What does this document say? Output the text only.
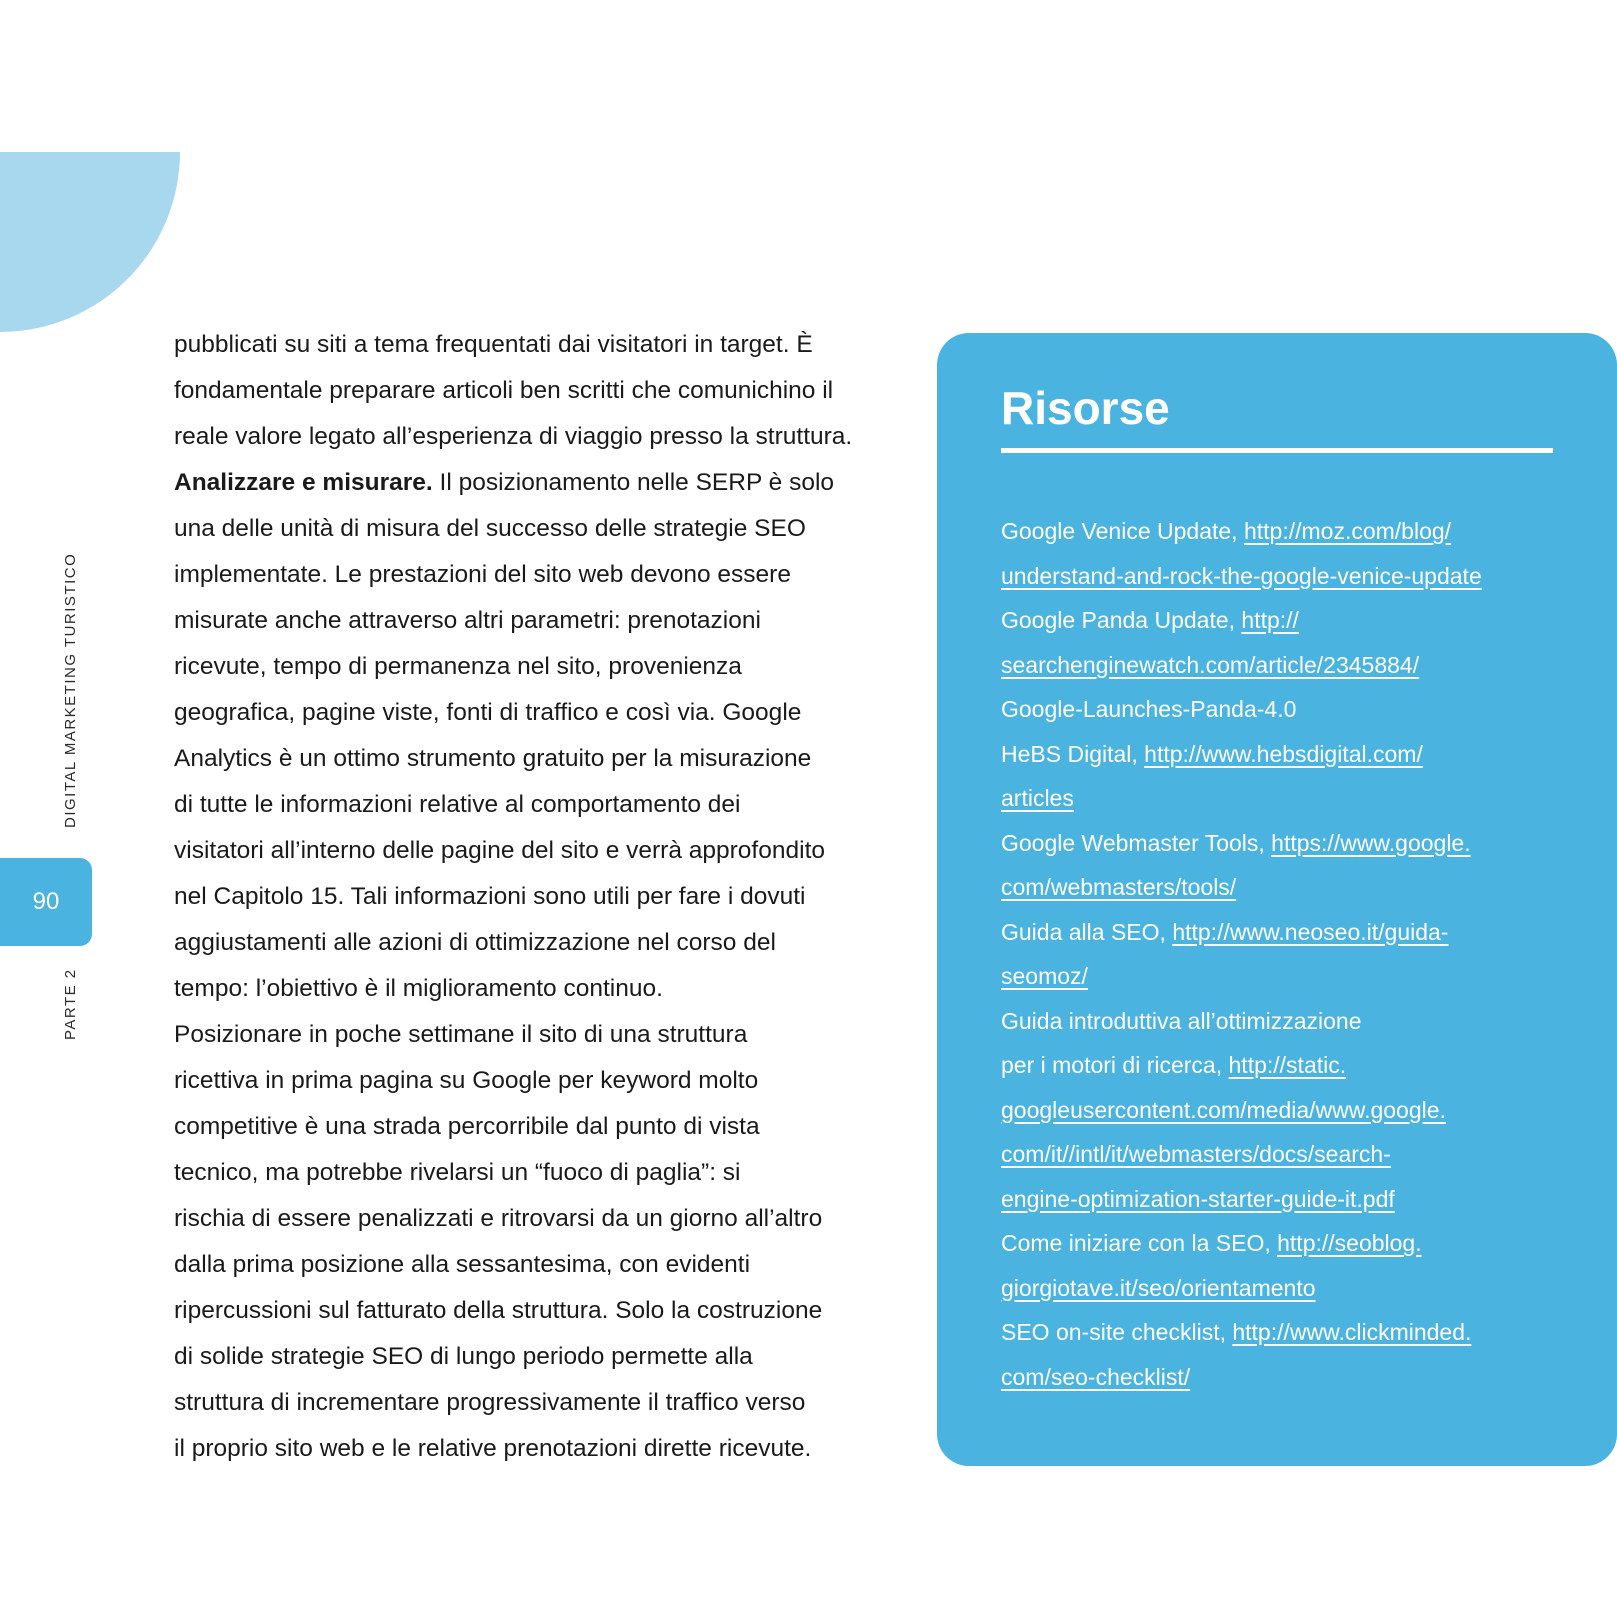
DIGITAL MARKETING TURISTICO
90
PARTE 2
pubblicati su siti a tema frequentati dai visitatori in target. È
fondamentale preparare articoli ben scritti che comunichino il
reale valore legato all’esperienza di viaggio presso la struttura.
Analizzare e misurare. Il posizionamento nelle SERP è solo
una delle unità di misura del successo delle strategie SEO
implementate. Le prestazioni del sito web devono essere
misurate anche attraverso altri parametri: prenotazioni
ricevute, tempo di permanenza nel sito, provenienza
geografica, pagine viste, fonti di traffico e così via. Google
Analytics è un ottimo strumento gratuito per la misurazione
di tutte le informazioni relative al comportamento dei
visitatori all’interno delle pagine del sito e verrà approfondito
nel Capitolo 15. Tali informazioni sono utili per fare i dovuti
aggiustamenti alle azioni di ottimizzazione nel corso del
tempo: l’obiettivo è il miglioramento continuo.
Posizionare in poche settimane il sito di una struttura
ricettiva in prima pagina su Google per keyword molto
competitive è una strada percorribile dal punto di vista
tecnico, ma potrebbe rivelarsi un “fuoco di paglia”: si
rischia di essere penalizzati e ritrovarsi da un giorno all’altro
dalla prima posizione alla sessantesima, con evidenti
ripercussioni sul fatturato della struttura. Solo la costruzione
di solide strategie SEO di lungo periodo permette alla
struttura di incrementare progressivamente il traffico verso
il proprio sito web e le relative prenotazioni dirette ricevute.
Risorse
Google Venice Update, http://moz.com/blog/
understand-and-rock-the-google-venice-update
Google Panda Update, http://
searchenginewatch.com/article/2345884/
Google-Launches-Panda-4.0
HeBS Digital, http://www.hebsdigital.com/
articles
Google Webmaster Tools, https://www.google.
com/webmasters/tools/
Guida alla SEO, http://www.neoseo.it/guida-
seomoz/
Guida introduttiva all’ottimizzazione
per i motori di ricerca, http://static.
googleusercontent.com/media/www.google.
com/it//intl/it/webmasters/docs/search-
engine-optimization-starter-guide-it.pdf
Come iniziare con la SEO, http://seoblog.
giorgiotave.it/seo/orientamento
SEO on-site checklist, http://www.clickminded.
com/seo-checklist/
